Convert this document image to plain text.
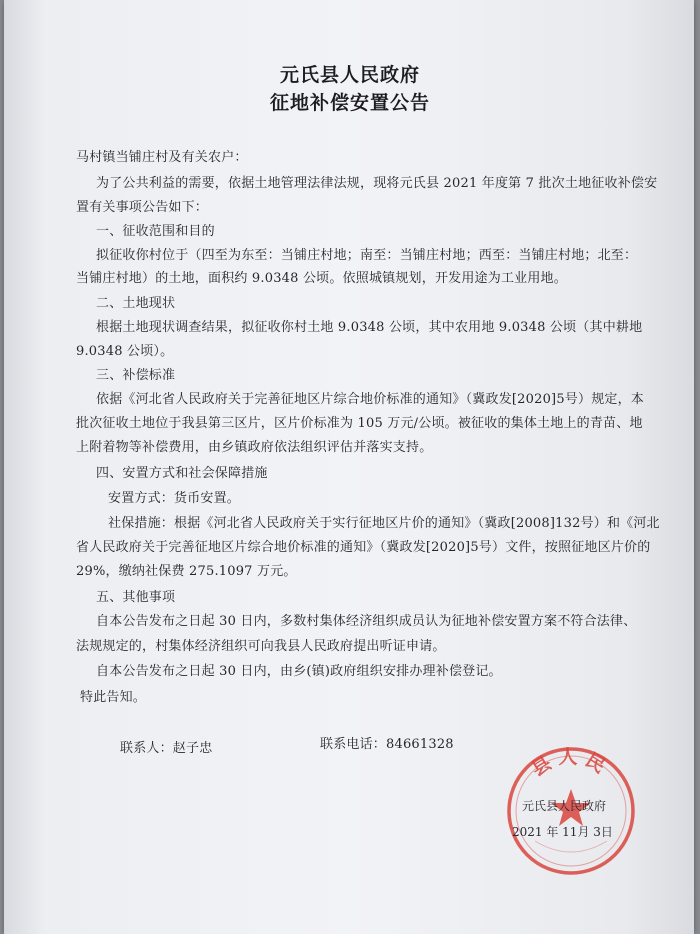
元氏县人民政府
征地补偿安置公告
马村镇当铺庄村及有关农户：
为了公共利益的需要，依据土地管理法律法规，现将元氏县 2021 年度第 7 批次土地征收补偿安
置有关事项公告如下：
一、征收范围和目的
拟征收你村位于（四至为东至：当铺庄村地；南至：当铺庄村地；西至：当铺庄村地；北至：
当铺庄村地）的土地，面积约 9.0348 公顷。依照城镇规划，开发用途为工业用地。
二、土地现状
根据土地现状调查结果，拟征收你村土地 9.0348 公顷，其中农用地 9.0348 公顷（其中耕地
9.0348 公顷）。
三、补偿标准
依据《河北省人民政府关于完善征地区片综合地价标准的通知》（冀政发[2020]5号）规定，本
批次征收土地位于我县第三区片，区片价标准为 105 万元/公顷。被征收的集体土地上的青苗、地
上附着物等补偿费用，由乡镇政府依法组织评估并落实支持。
四、安置方式和社会保障措施
安置方式：货币安置。
社保措施：根据《河北省人民政府关于实行征地区片价的通知》（冀政[2008]132号）和《河北
省人民政府关于完善征地区片综合地价标准的通知》（冀政发[2020]5号）文件，按照征地区片价的
29%，缴纳社保费 275.1097 万元。
五、其他事项
自本公告发布之日起 30 日内，多数村集体经济组织成员认为征地补偿安置方案不符合法律、
法规规定的，村集体经济组织可向我县人民政府提出听证申请。
自本公告发布之日起 30 日内，由乡(镇)政府组织安排办理补偿登记。
特此告知。
联系人：赵子忠	联系电话：84661328
县人民
元氏县人民政府
2021 年 11月 3日
